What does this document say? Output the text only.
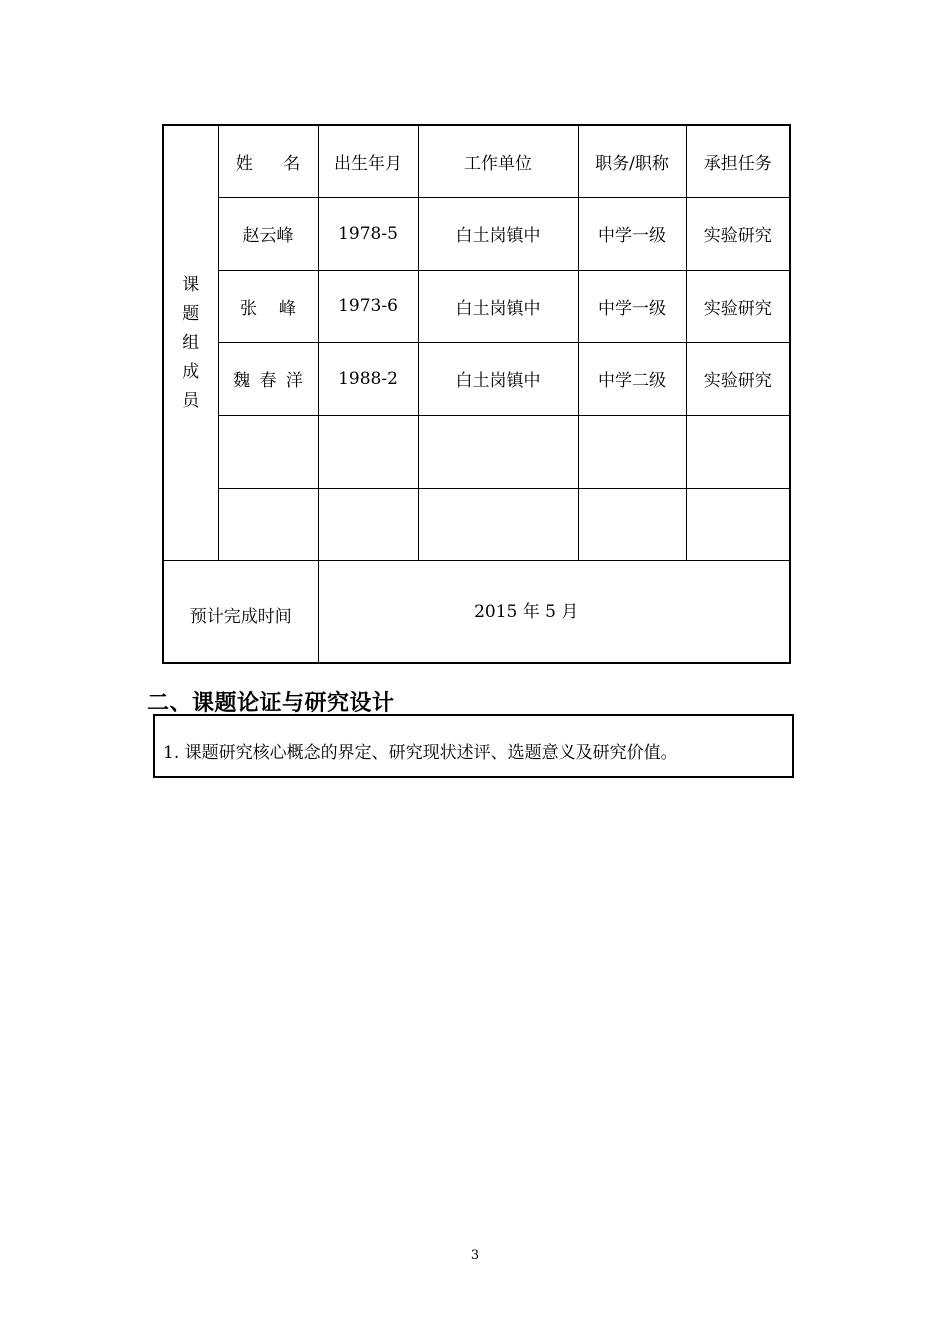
课
题
组
成
员	姓名	出生年月	工作单位	职务/职称	承担任务
	赵云峰	1978-5	白土岗镇中	中学一级	实验研究
	张峰	1973-6	白土岗镇中	中学一级	实验研究
	魏春洋	1988-2	白土岗镇中	中学二级	实验研究

预计完成时间		2015 年 5 月			
二、课题论证与研究设计
1. 课题研究核心概念的界定、研究现状述评、选题意义及研究价值。
3
